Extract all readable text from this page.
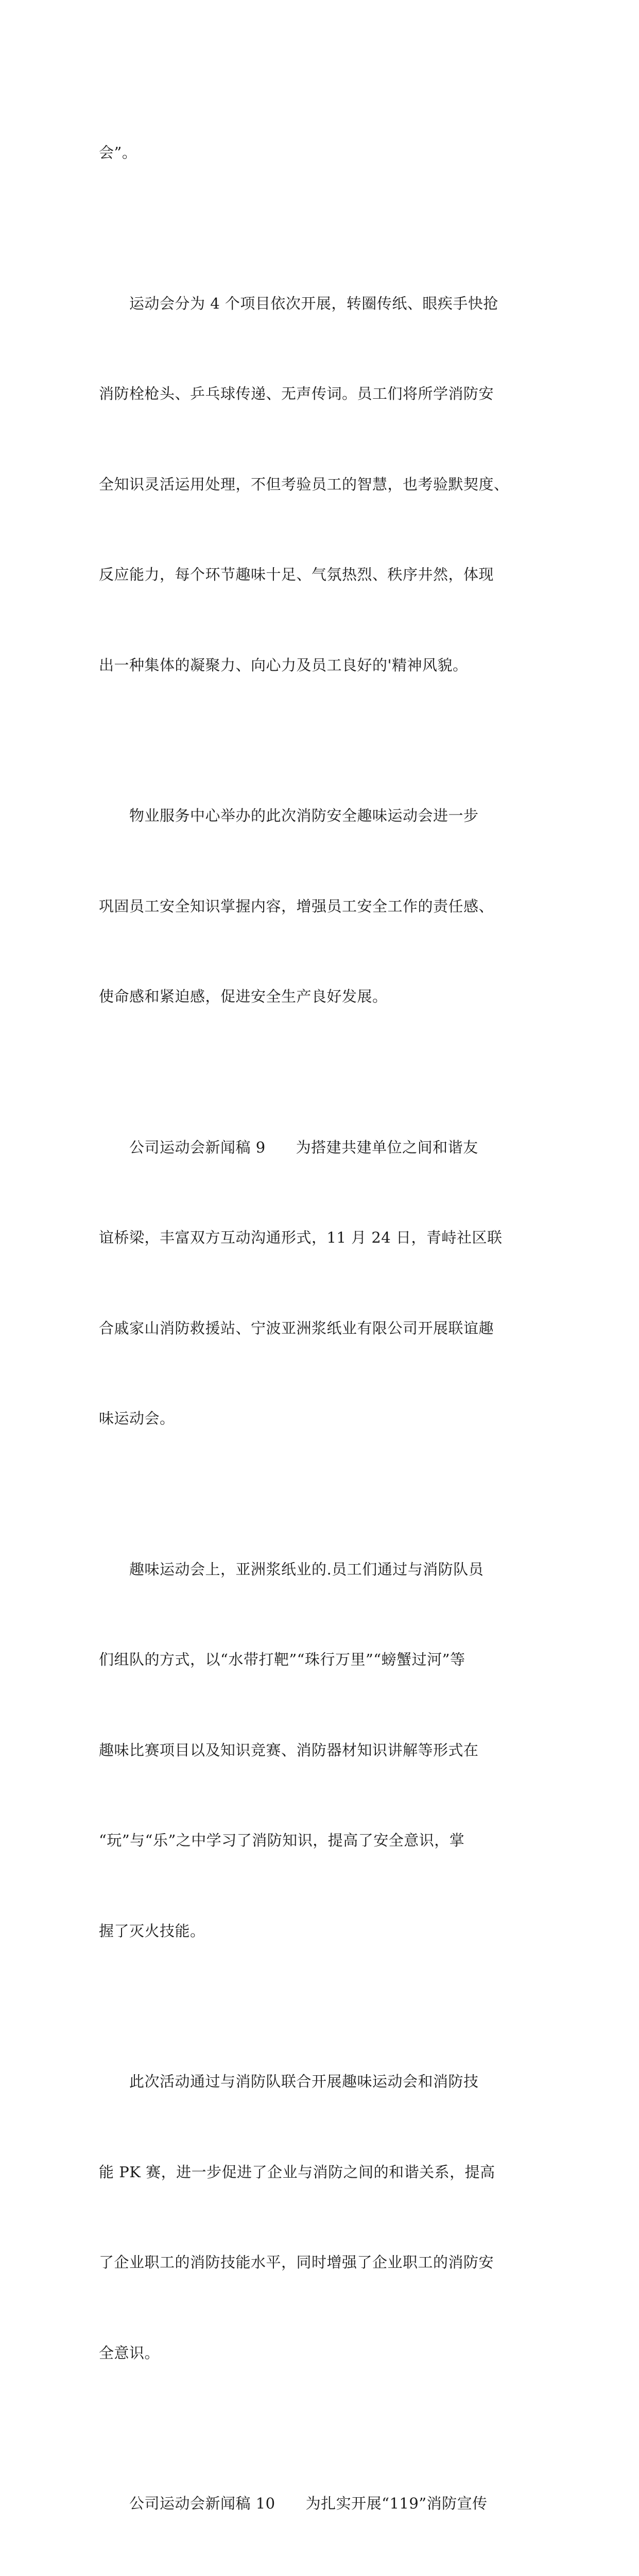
会”。

　　运动会分为 4 个项目依次开展，转圈传纸、眼疾手快抢

消防栓枪头、乒乓球传递、无声传词。员工们将所学消防安

全知识灵活运用处理，不但考验员工的智慧，也考验默契度、

反应能力，每个环节趣味十足、气氛热烈、秩序井然，体现

出一种集体的凝聚力、向心力及员工良好的'精神风貌。

　　物业服务中心举办的此次消防安全趣味运动会进一步

巩固员工安全知识掌握内容，增强员工安全工作的责任感、

使命感和紧迫感，促进安全生产良好发展。

　　公司运动会新闻稿 9　　为搭建共建单位之间和谐友

谊桥梁，丰富双方互动沟通形式，11 月 24 日，青峙社区联

合戚家山消防救援站、宁波亚洲浆纸业有限公司开展联谊趣

味运动会。

　　趣味运动会上，亚洲浆纸业的.员工们通过与消防队员

们组队的方式，以“水带打靶”“珠行万里”“螃蟹过河”等

趣味比赛项目以及知识竞赛、消防器材知识讲解等形式在

“玩”与“乐”之中学习了消防知识，提高了安全意识，掌

握了灭火技能。

　　此次活动通过与消防队联合开展趣味运动会和消防技

能 PK 赛，进一步促进了企业与消防之间的和谐关系，提高

了企业职工的消防技能水平，同时增强了企业职工的消防安

全意识。

　　公司运动会新闻稿 10　　为扎实开展“119”消防宣传
